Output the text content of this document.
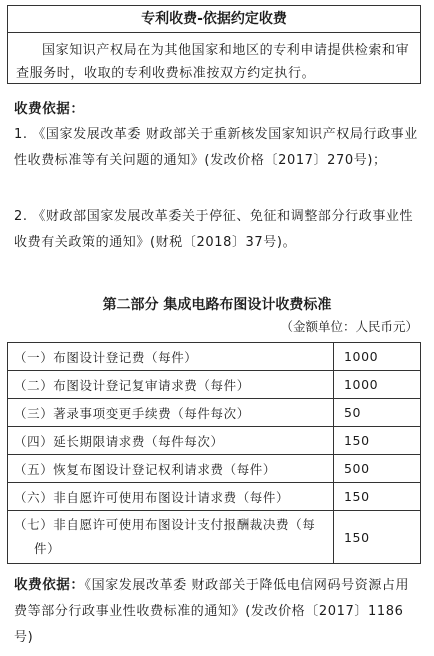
专利收费-依据约定收费
国家知识产权局在为其他国家和地区的专利申请提供检索和审查服务时，收取的专利收费标准按双方约定执行。
收费依据：
1. 《国家发展改革委 财政部关于重新核发国家知识产权局行政事业性收费标准等有关问题的通知》(发改价格〔2017〕270号)；
2. 《财政部国家发展改革委关于停征、免征和调整部分行政事业性收费有关政策的通知》(财税〔2018〕37号)。
第二部分 集成电路布图设计收费标准
（金额单位：人民币元）
（一）布图设计登记费（每件）	1000
（二）布图设计登记复审请求费（每件）	1000
（三）著录事项变更手续费（每件每次）	50
（四）延长期限请求费（每件每次）	150
（五）恢复布图设计登记权利请求费（每件）	500
（六）非自愿许可使用布图设计请求费（每件）	150
（七）非自愿许可使用布图设计支付报酬裁决费（每件）	150
收费依据：《国家发展改革委 财政部关于降低电信网码号资源占用费等部分行政事业性收费标准的通知》(发改价格〔2017〕1186号)
